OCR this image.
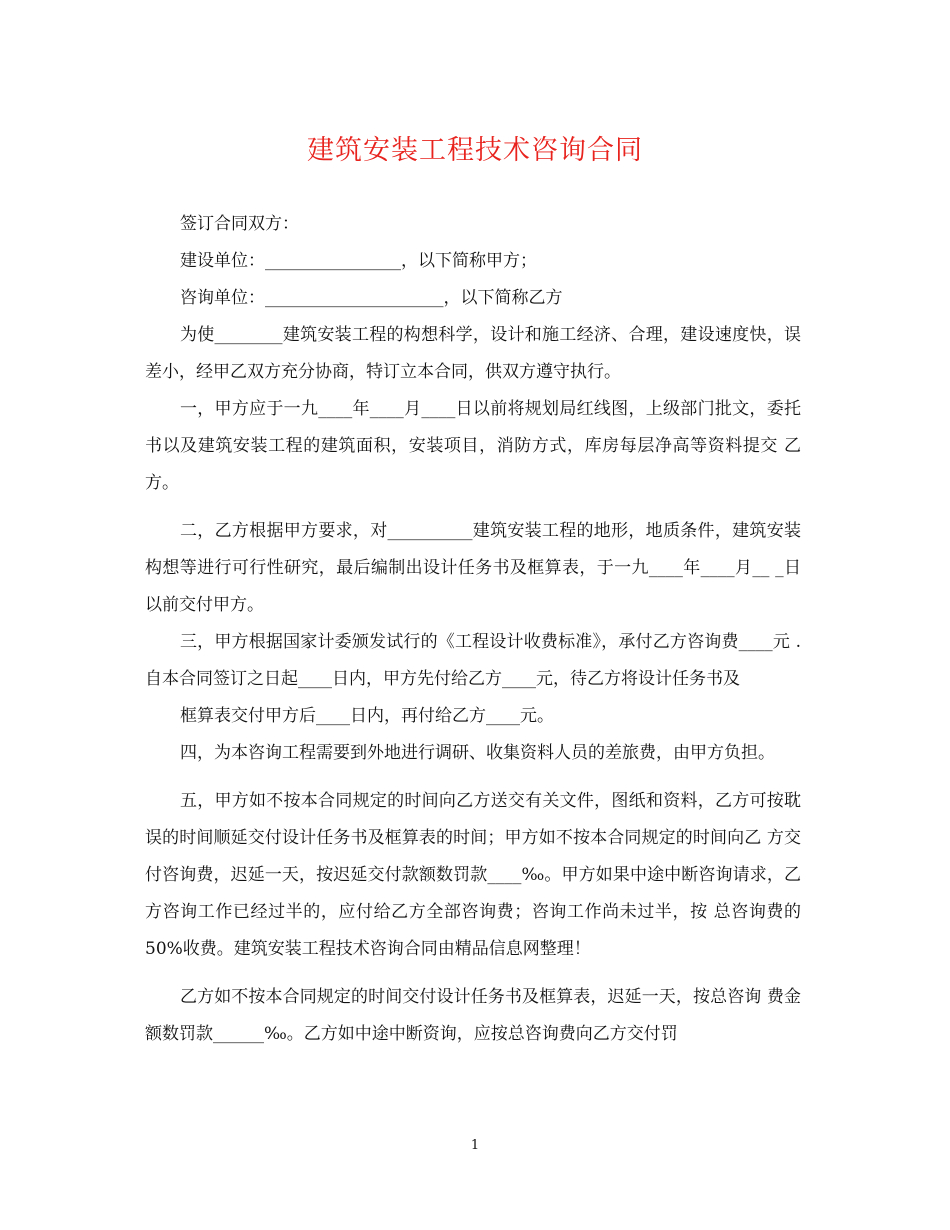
建筑安装工程技术咨询合同

签订合同双方：

建设单位：________________，以下简称甲方；

咨询单位：_____________________，以下简称乙方

为使________建筑安装工程的构想科学，设计和施工经济、合理，建设速度快，误差小，经甲乙双方充分协商，特订立本合同，供双方遵守执行。

一，甲方应于一九____年____月____日以前将规划局红线图，上级部门批文，委托书以及建筑安装工程的建筑面积，安装项目，消防方式，库房每层净高等资料提交 乙方。

二，乙方根据甲方要求，对__________建筑安装工程的地形，地质条件，建筑安装构想等进行可行性研究，最后编制出设计任务书及框算表，于一九____年____月__ _日以前交付甲方。

三，甲方根据国家计委颁发试行的《工程设计收费标准》，承付乙方咨询费____元 . 自本合同签订之日起____日内，甲方先付给乙方____元，待乙方将设计任务书及

框算表交付甲方后____日内，再付给乙方____元。

四，为本咨询工程需要到外地进行调研、收集资料人员的差旅费，由甲方负担。

五，甲方如不按本合同规定的时间向乙方送交有关文件，图纸和资料，乙方可按耽误的时间顺延交付设计任务书及框算表的时间；甲方如不按本合同规定的时间向乙 方交付咨询费，迟延一天，按迟延交付款额数罚款____‰。甲方如果中途中断咨询请求，乙方咨询工作已经过半的，应付给乙方全部咨询费；咨询工作尚未过半，按 总咨询费的50%收费。建筑安装工程技术咨询合同由精品信息网整理！

乙方如不按本合同规定的时间交付设计任务书及框算表，迟延一天，按总咨询 费金额数罚款______‰。乙方如中途中断资询，应按总咨询费向乙方交付罚

1
